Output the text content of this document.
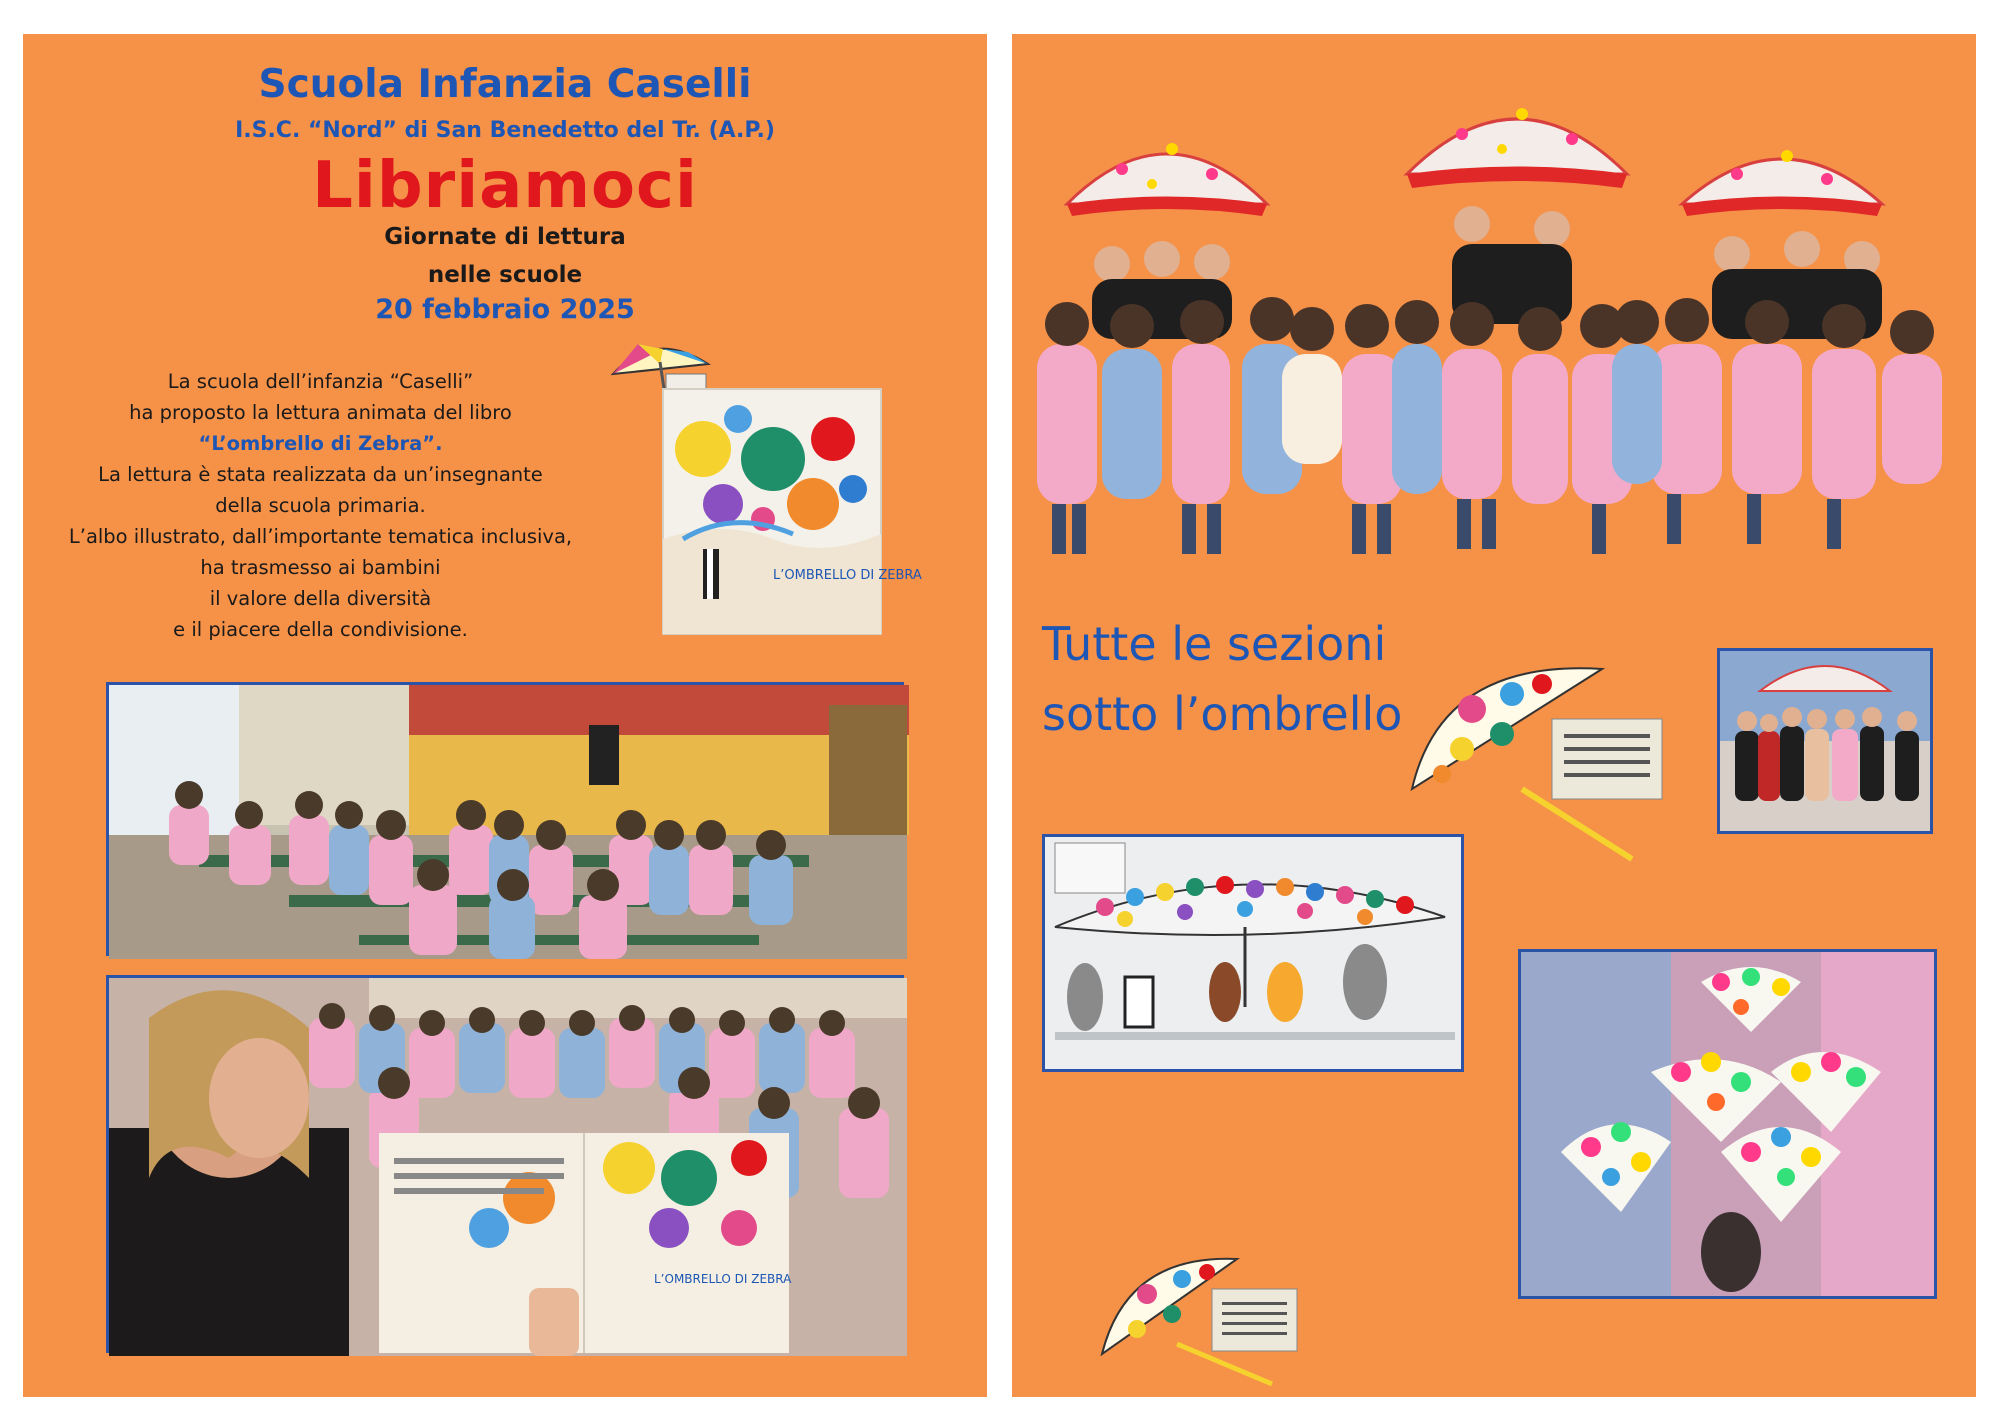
Scuola Infanzia Caselli
I.S.C. “Nord” di San Benedetto del Tr. (A.P.)
Libriamoci
Giornate di lettura
nelle scuole
20 febbraio 2025
La scuola dell’infanzia “Caselli”
ha proposto la lettura animata del libro
“L’ombrello di Zebra”.
La lettura è stata realizzata da un’insegnante
della scuola primaria.
L’albo illustrato, dall’importante tematica inclusiva,
ha trasmesso ai bambini
il valore della diversità
e il piacere della condivisione.
L’OMBRELLO DI ZEBRA
L’OMBRELLO DI ZEBRA
Tutte le sezioni
sotto l’ombrello
